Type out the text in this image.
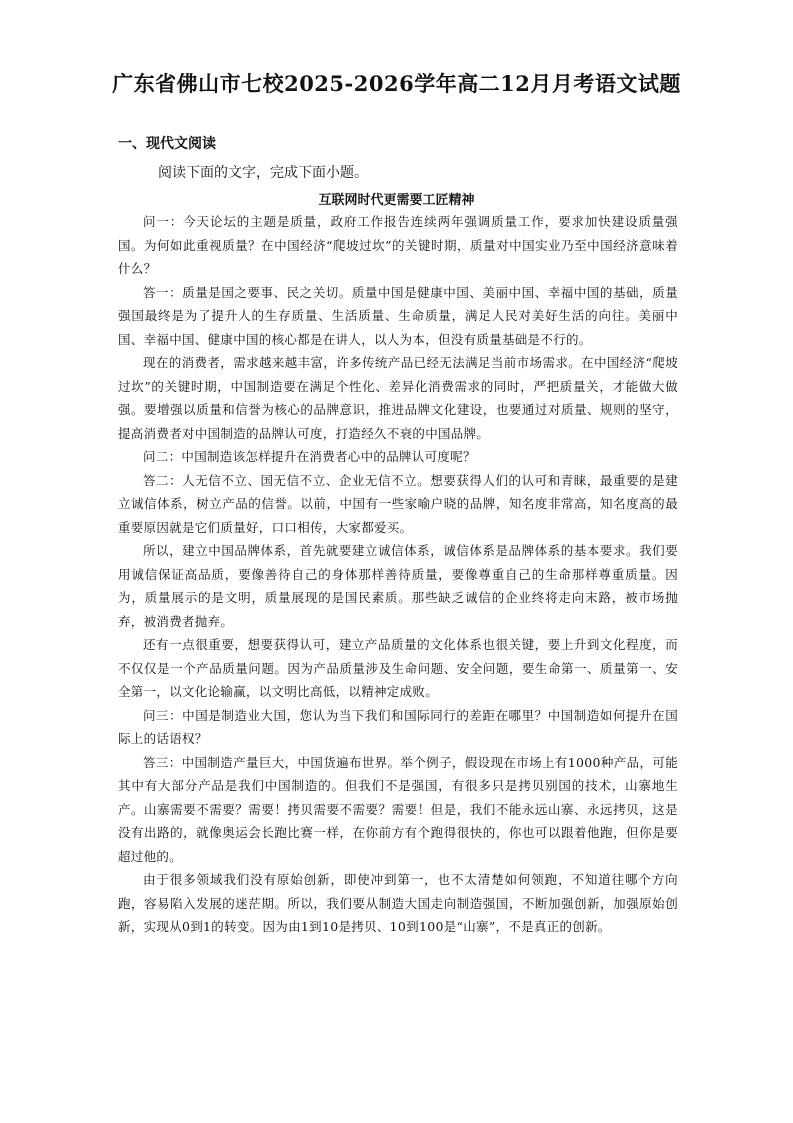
广东省佛山市七校2025-2026学年高二12月月考语文试题
一、现代文阅读
阅读下面的文字，完成下面小题。
互联网时代更需要工匠精神

问一：今天论坛的主题是质量，政府工作报告连续两年强调质量工作，要求加快建设质量强国。为何如此重视质量？在中国经济“爬坡过坎”的关键时期，质量对中国实业乃至中国经济意味着什么？

答一：质量是国之要事、民之关切。质量中国是健康中国、美丽中国、幸福中国的基础，质量强国最终是为了提升人的生存质量、生活质量、生命质量，满足人民对美好生活的向往。美丽中国、幸福中国、健康中国的核心都是在讲人，以人为本，但没有质量基础是不行的。

现在的消费者，需求越来越丰富，许多传统产品已经无法满足当前市场需求。在中国经济“爬坡过坎”的关键时期，中国制造要在满足个性化、差异化消费需求的同时，严把质量关，才能做大做强。要增强以质量和信誉为核心的品牌意识，推进品牌文化建设，也要通过对质量、规则的坚守，提高消费者对中国制造的品牌认可度，打造经久不衰的中国品牌。

问二：中国制造该怎样提升在消费者心中的品牌认可度呢？

答二：人无信不立、国无信不立、企业无信不立。想要获得人们的认可和青睐，最重要的是建立诚信体系，树立产品的信誉。以前，中国有一些家喻户晓的品牌，知名度非常高，知名度高的最重要原因就是它们质量好，口口相传，大家都爱买。

所以，建立中国品牌体系，首先就要建立诚信体系，诚信体系是品牌体系的基本要求。我们要用诚信保证高品质，要像善待自己的身体那样善待质量，要像尊重自己的生命那样尊重质量。因为，质量展示的是文明，质量展现的是国民素质。那些缺乏诚信的企业终将走向末路，被市场抛弃，被消费者抛弃。

还有一点很重要，想要获得认可，建立产品质量的文化体系也很关键，要上升到文化程度，而不仅仅是一个产品质量问题。因为产品质量涉及生命问题、安全问题，要生命第一、质量第一、安全第一，以文化论输赢，以文明比高低，以精神定成败。

问三：中国是制造业大国，您认为当下我们和国际同行的差距在哪里？中国制造如何提升在国际上的话语权？

答三：中国制造产量巨大，中国货遍布世界。举个例子，假设现在市场上有1000种产品，可能其中有大部分产品是我们中国制造的。但我们不是强国，有很多只是拷贝别国的技术，山寨地生产。山寨需要不需要？需要！拷贝需要不需要？需要！但是，我们不能永远山寨、永远拷贝，这是没有出路的，就像奥运会长跑比赛一样，在你前方有个跑得很快的，你也可以跟着他跑，但你是要超过他的。

由于很多领域我们没有原始创新，即使冲到第一，也不太清楚如何领跑，不知道往哪个方向跑，容易陷入发展的迷茫期。所以，我们要从制造大国走向制造强国，不断加强创新，加强原始创新，实现从0到1的转变。因为由1到10是拷贝、10到100是“山寨”，不是真正的创新。
